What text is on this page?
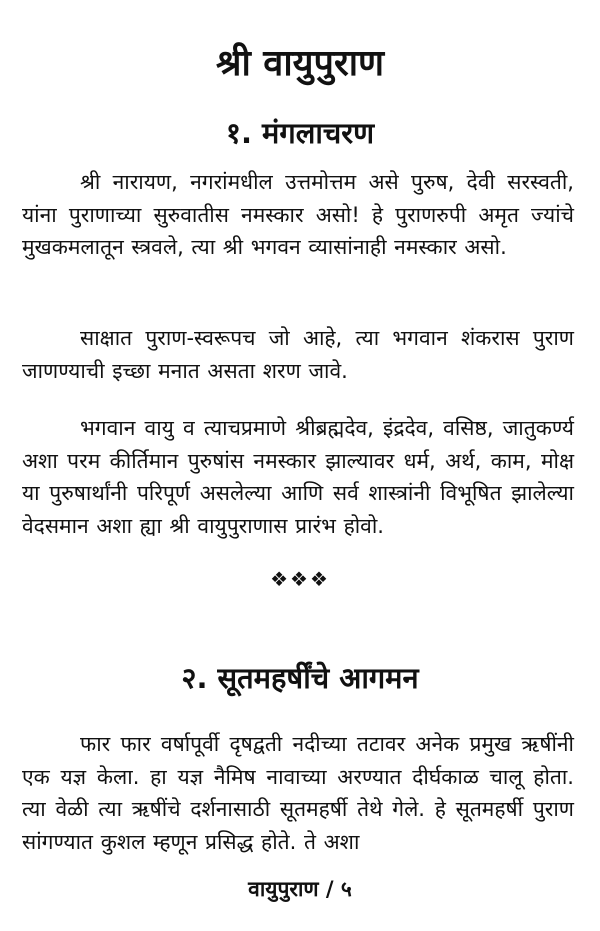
श्री वायुपुराण
१. मंगलाचरण

श्री नारायण, नगरांमधील उत्तमोत्तम असे पुरुष, देवी सरस्वती, यांना पुराणाच्या सुरुवातीस नमस्कार असो! हे पुराणरुपी अमृत ज्यांचे मुखकमलातून स्त्रवले, त्या श्री भगवन व्यासांनाही नमस्कार असो.

साक्षात पुराण-स्वरूपच जो आहे, त्या भगवान शंकरास पुराण जाणण्याची इच्छा मनात असता शरण जावे.

भगवान वायु व त्याचप्रमाणे श्रीब्रह्मदेव, इंद्रदेव, वसिष्ठ, जातुकर्ण्य अशा परम कीर्तिमान पुरुषांस नमस्कार झाल्यावर धर्म, अर्थ, काम, मोक्ष या पुरुषार्थांनी परिपूर्ण असलेल्या आणि सर्व शास्त्रांनी विभूषित झालेल्या वेदसमान अशा ह्या श्री वायुपुराणास प्रारंभ होवो.

❖❖❖
२. सूतमहर्षींचे आगमन

फार फार वर्षापूर्वी दृषद्वती नदीच्या तटावर अनेक प्रमुख ऋषींनी एक यज्ञ केला. हा यज्ञ नैमिष नावाच्या अरण्यात दीर्घकाळ चालू होता. त्या वेळी त्या ऋषींचे दर्शनासाठी सूतमहर्षी तेथे गेले. हे सूतमहर्षी पुराण सांगण्यात कुशल म्हणून प्रसिद्ध होते. ते अशा

वायुपुराण / ५
